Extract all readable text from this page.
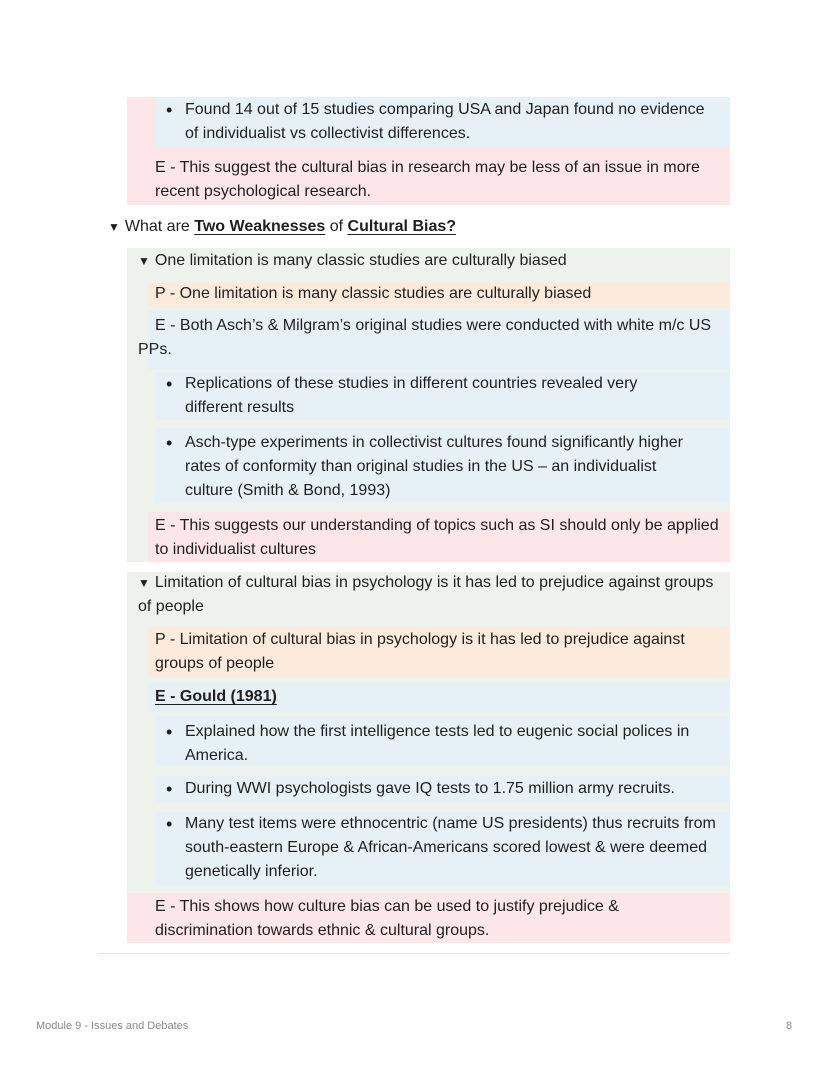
• Found 14 out of 15 studies comparing USA and Japan found no evidence of individualist vs collectivist differences.
E - This suggest the cultural bias in research may be less of an issue in more recent psychological research.
▼ What are Two Weaknesses of Cultural Bias?
▼ One limitation is many classic studies are culturally biased
P - One limitation is many classic studies are culturally biased
E - Both Asch’s & Milgram’s original studies were conducted with white m/c US PPs.
• Replications of these studies in different countries revealed very different results
• Asch-type experiments in collectivist cultures found significantly higher rates of conformity than original studies in the US – an individualist culture (Smith & Bond, 1993)
E - This suggests our understanding of topics such as SI should only be applied to individualist cultures
▼ Limitation of cultural bias in psychology is it has led to prejudice against groups of people
P - Limitation of cultural bias in psychology is it has led to prejudice against groups of people
E - Gould (1981)
• Explained how the first intelligence tests led to eugenic social polices in America.
• During WWI psychologists gave IQ tests to 1.75 million army recruits.
• Many test items were ethnocentric (name US presidents) thus recruits from south-eastern Europe & African-Americans scored lowest & were deemed genetically inferior.
E - This shows how culture bias can be used to justify prejudice & discrimination towards ethnic & cultural groups.
Module 9 - Issues and Debates	8
